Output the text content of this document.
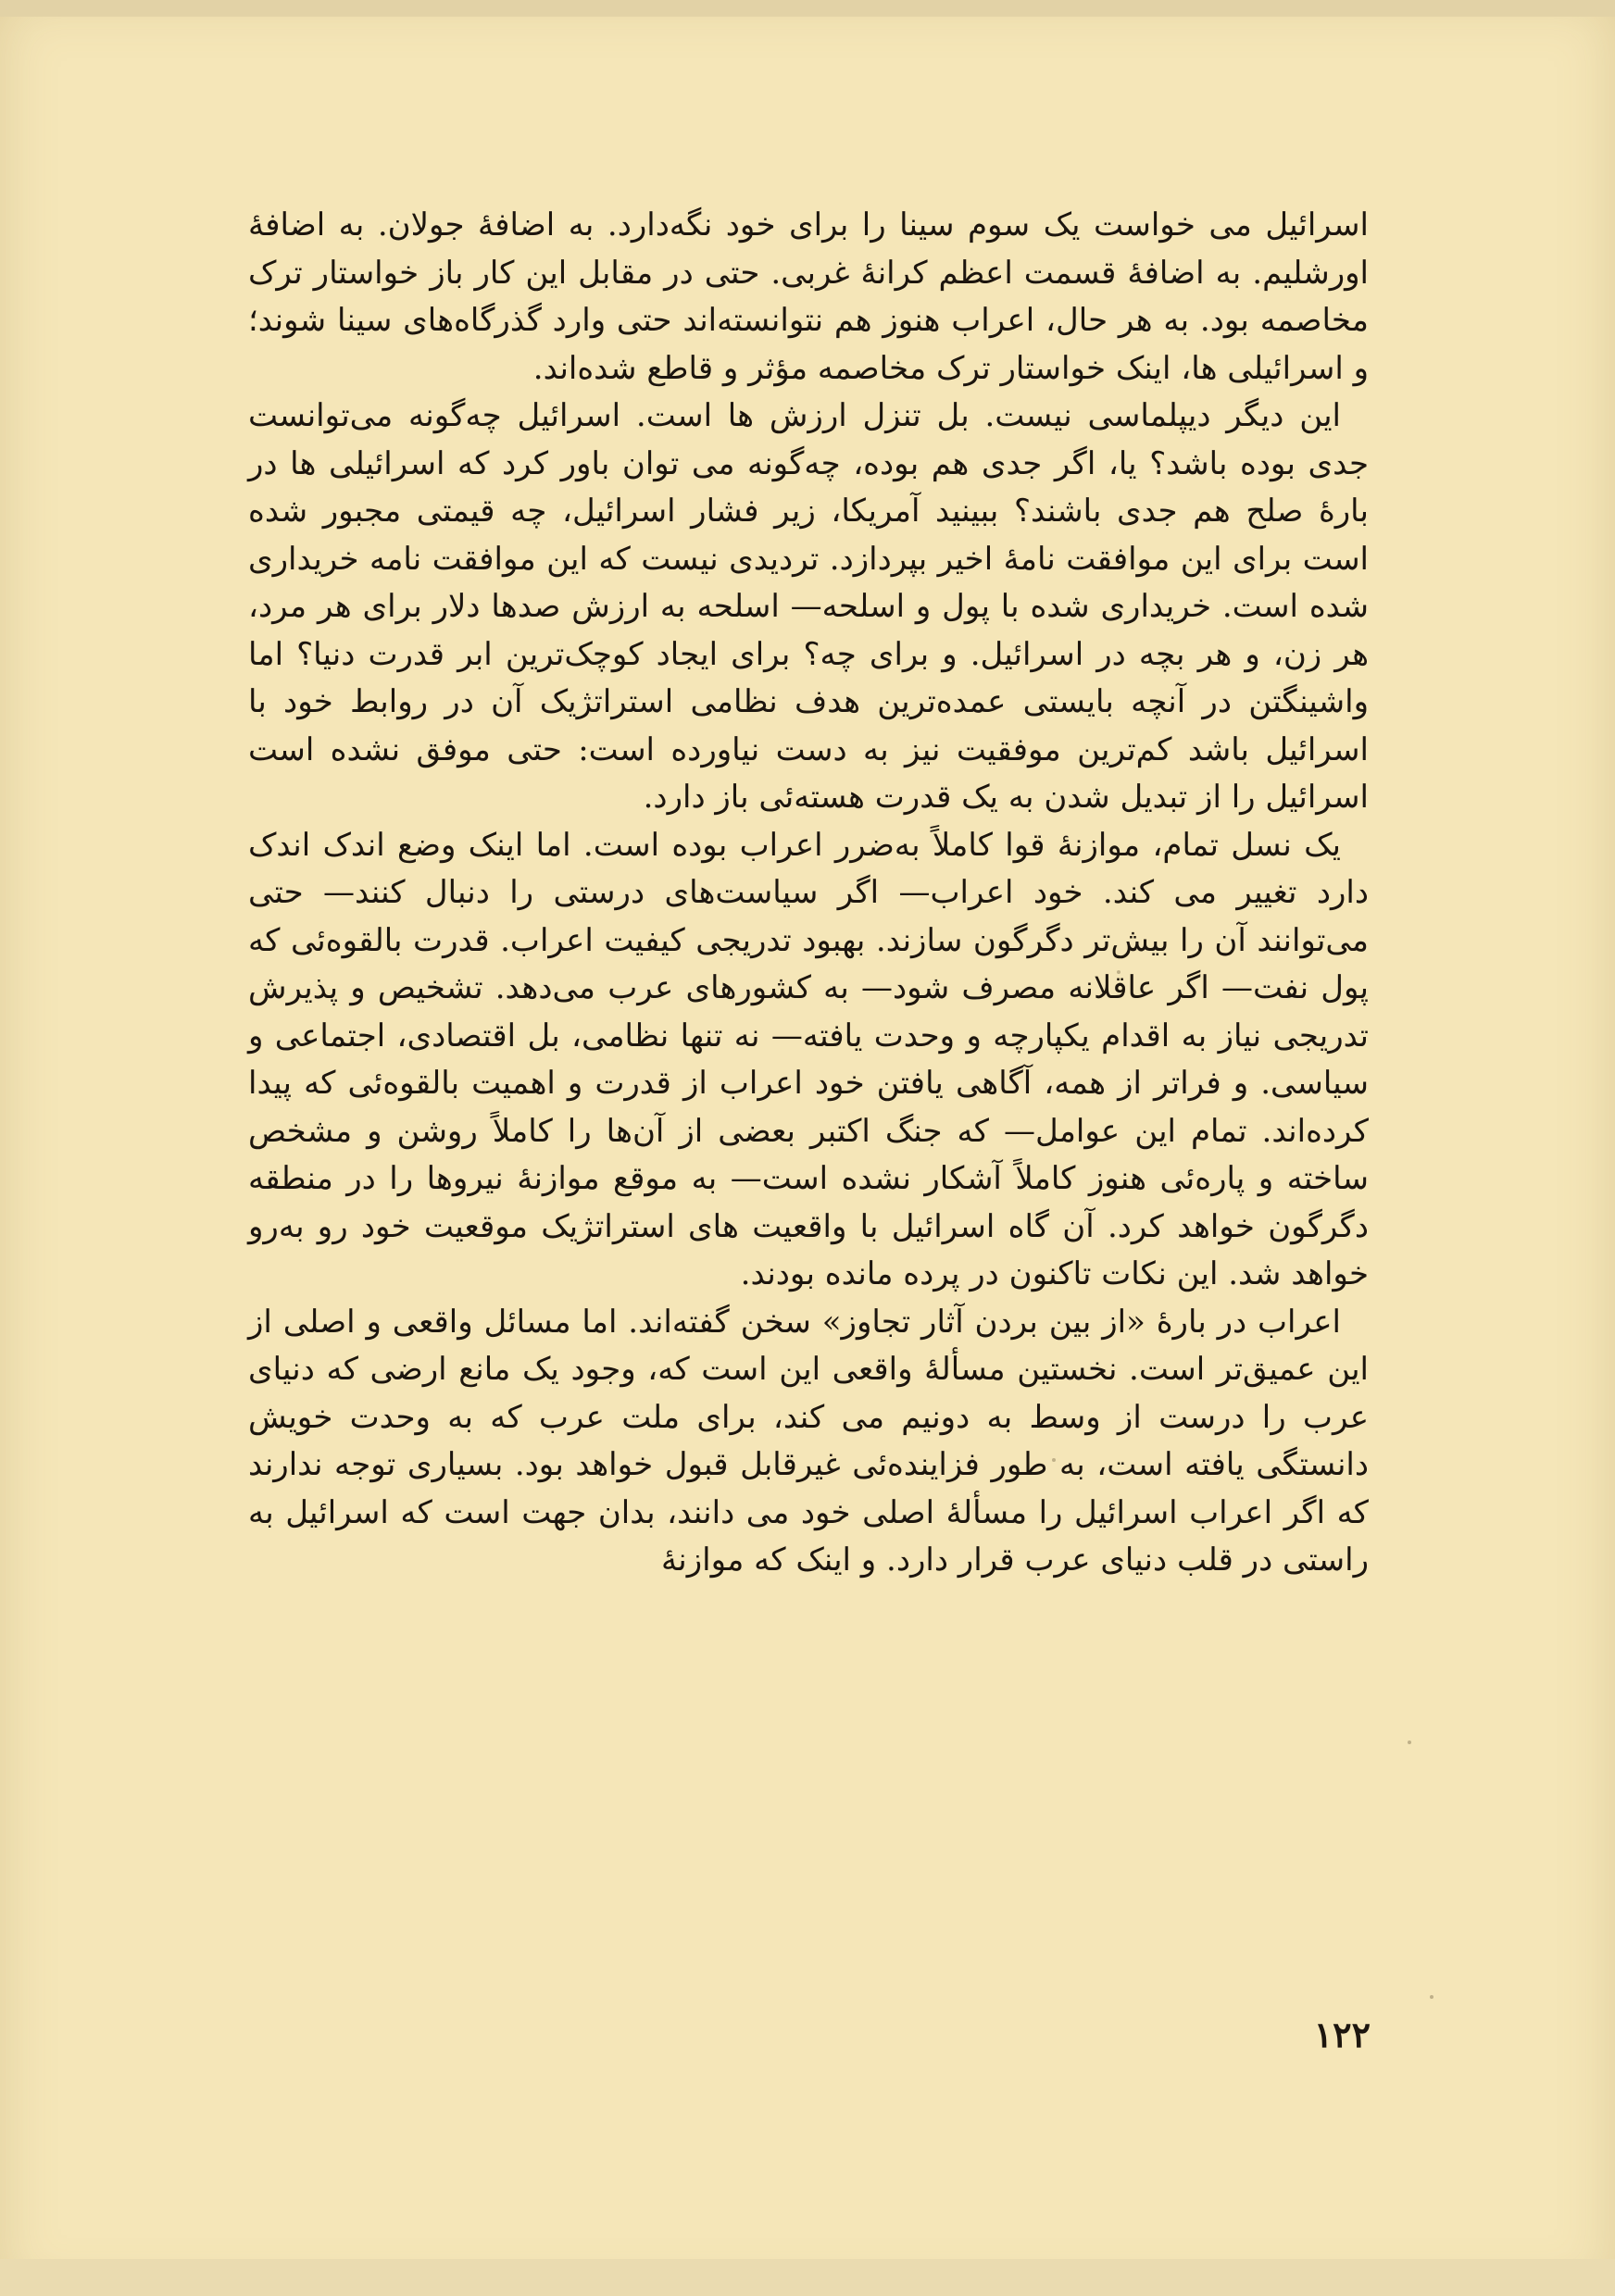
اسرائیل می خواست یک سوم سینا را برای خود نگه‌دارد. به اضافهٔ جولان. به اضافهٔ اورشلیم. به اضافهٔ قسمت اعظم کرانهٔ غربی. حتی در مقابل این کار باز خواستار ترک مخاصمه بود. به هر حال، اعراب هنوز هم نتوانسته‌اند حتی وارد گذرگاه‌های سینا شوند؛ و اسرائیلی ها، اینک خواستار ترک مخاصمه مؤثر و قاطع شده‌اند.

این دیگر دیپلماسی نیست. بل تنزل ارزش ها است. اسرائیل چه‌گونه می‌توانست جدی بوده باشد؟ یا، اگر جدی هم بوده، چه‌گونه می توان باور کرد که اسرائیلی ها در بارهٔ صلح هم جدی باشند؟ ببینید آمریکا، زیر فشار اسرائیل، چه قیمتی مجبور شده است برای این موافقت نامهٔ اخیر بپردازد. تردیدی نیست که این موافقت نامه خریداری شده است. خریداری شده با پول و اسلحه— اسلحه به ارزش صدها دلار برای هر مرد، هر زن، و هر بچه در اسرائیل. و برای چه؟ برای ایجاد کوچک‌ترین ابر قدرت دنیا؟ اما واشینگتن در آنچه بایستی عمده‌ترین هدف نظامی استراتژیک آن در روابط خود با اسرائیل باشد کم‌ترین موفقیت نیز به دست نیاورده است: حتی موفق نشده است اسرائیل را از تبدیل شدن به یک قدرت هسته‌ئی باز دارد.

یک نسل تمام، موازنهٔ قوا کاملاً به‌ضرر اعراب بوده است. اما اینک وضع اندک اندک دارد تغییر می کند. خود اعراب— اگر سیاست‌های درستی را دنبال کنند— حتی می‌توانند آن را بیش‌تر دگرگون سازند. بهبود تدریجی کیفیت اعراب. قدرت بالقوه‌ئی که پول نفت— اگر عاقلانه مصرف شود— به کشورهای عرب می‌دهد. تشخیص و پذیرش تدریجی نیاز به اقدام یکپارچه و وحدت یافته— نه تنها نظامی، بل اقتصادی، اجتماعی و سیاسی. و فراتر از همه، آگاهی یافتن خود اعراب از قدرت و اهمیت بالقوه‌ئی که پیدا کرده‌اند. تمام این عوامل— که جنگ اکتبر بعضی از آن‌ها را کاملاً روشن و مشخص ساخته و پاره‌ئی هنوز کاملاً آشکار نشده است— به موقع موازنهٔ نیروها را در منطقه دگرگون خواهد کرد. آن گاه اسرائیل با واقعیت های استراتژیک موقعیت خود رو به‌رو خواهد شد. این نکات تاکنون در پرده مانده بودند.

اعراب در بارهٔ «از بین بردن آثار تجاوز» سخن گفته‌اند. اما مسائل واقعی و اصلی از این عمیق‌تر است. نخستین مسألهٔ واقعی این است که، وجود یک مانع ارضی که دنیای عرب را درست از وسط به دونیم می کند، برای ملت عرب که به وحدت خویش دانستگی یافته است، به طور فزاینده‌ئی غیرقابل قبول خواهد بود. بسیاری توجه ندارند که اگر اعراب اسرائیل را مسألهٔ اصلی خود می دانند، بدان جهت است که اسرائیل به راستی در قلب دنیای عرب قرار دارد. و اینک که موازنهٔ

۱۲۲
